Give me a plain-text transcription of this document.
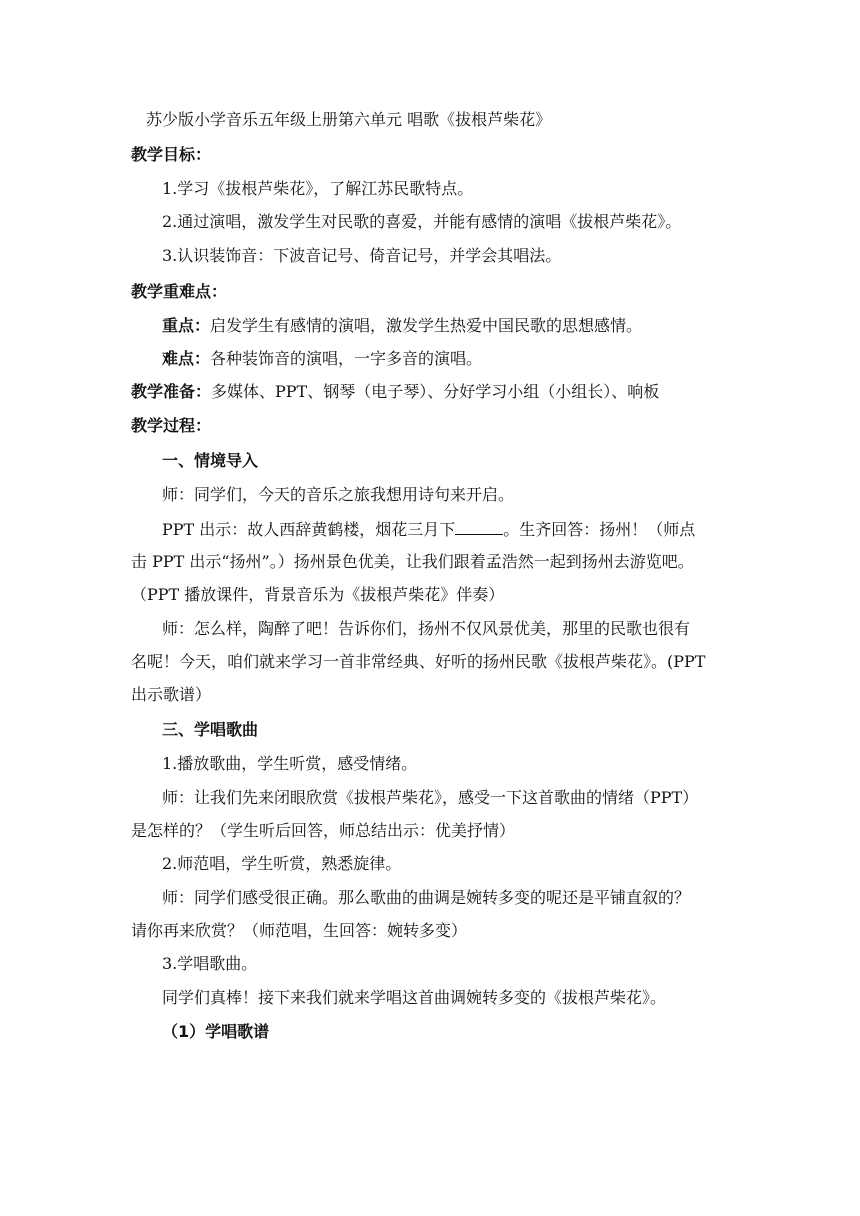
苏少版小学音乐五年级上册第六单元 唱歌《拔根芦柴花》
教学目标：
1.学习《拔根芦柴花》，了解江苏民歌特点。
2.通过演唱，激发学生对民歌的喜爱，并能有感情的演唱《拔根芦柴花》。
3.认识装饰音：下波音记号、倚音记号，并学会其唱法。
教学重难点：
重点：启发学生有感情的演唱，激发学生热爱中国民歌的思想感情。
难点：各种装饰音的演唱，一字多音的演唱。
教学准备：多媒体、PPT、钢琴（电子琴）、分好学习小组（小组长）、响板
教学过程：
一、情境导入
师：同学们，今天的音乐之旅我想用诗句来开启。
PPT 出示：故人西辞黄鹤楼，烟花三月下	。生齐回答：扬州！（师点
击 PPT 出示“扬州”。）扬州景色优美，让我们跟着孟浩然一起到扬州去游览吧。
（PPT 播放课件，背景音乐为《拔根芦柴花》伴奏）
师：怎么样，陶醉了吧！告诉你们，扬州不仅风景优美，那里的民歌也很有
名呢！今天，咱们就来学习一首非常经典、好听的扬州民歌《拔根芦柴花》。(PPT
出示歌谱）
三、学唱歌曲
1.播放歌曲，学生听赏，感受情绪。
师：让我们先来闭眼欣赏《拔根芦柴花》，感受一下这首歌曲的情绪（PPT）
是怎样的？（学生听后回答，师总结出示：优美抒情）
2.师范唱，学生听赏，熟悉旋律。
师：同学们感受很正确。那么歌曲的曲调是婉转多变的呢还是平铺直叙的？
请你再来欣赏？（师范唱，生回答：婉转多变）
3.学唱歌曲。
同学们真棒！接下来我们就来学唱这首曲调婉转多变的《拔根芦柴花》。
（1）学唱歌谱
